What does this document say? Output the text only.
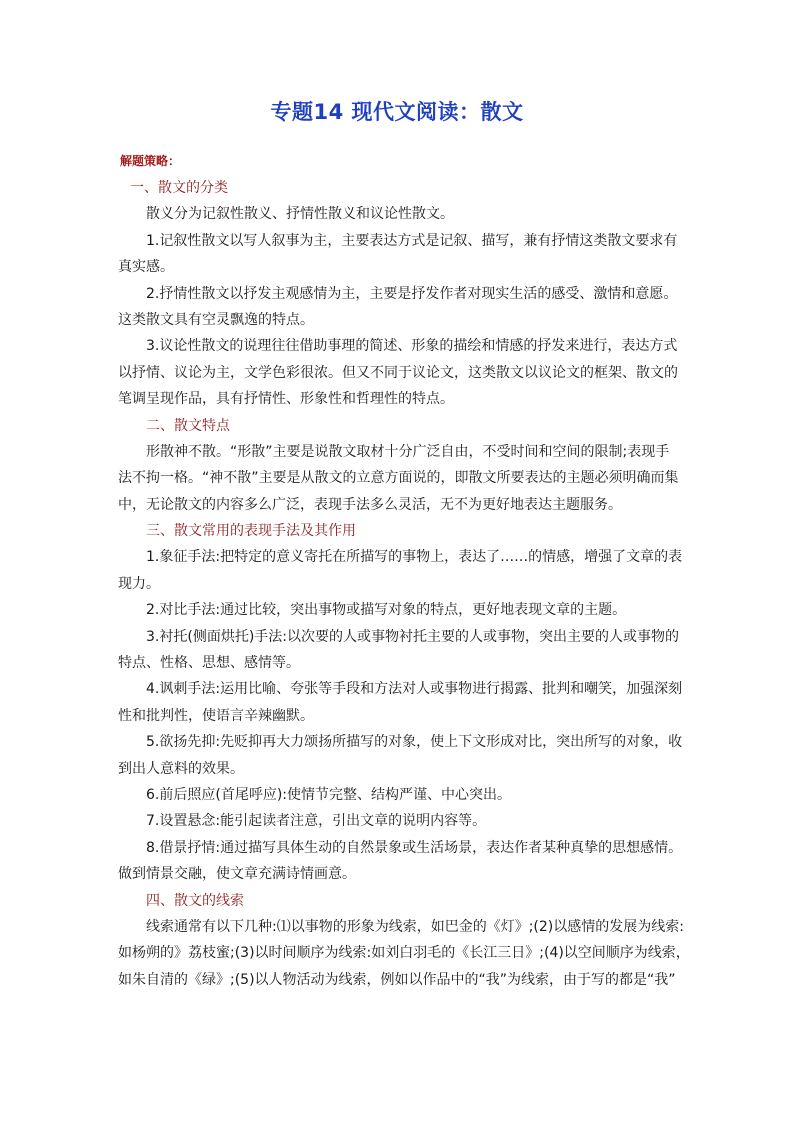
专题14 现代文阅读：散文
解题策略：
一、散文的分类
散义分为记叙性散义、抒情性散义和议论性散文。
1.记叙性散文以写人叙事为主，主要表达方式是记叙、描写，兼有抒情这类散文要求有
真实感。
2.抒情性散文以抒发主观感情为主，主要是抒发作者对现实生活的感受、激情和意愿。
这类散文具有空灵飘逸的特点。
3.议论性散文的说理往往借助事理的简述、形象的描绘和情感的抒发来进行，表达方式
以抒情、议论为主，文学色彩很浓。但又不同于议论文，这类散文以议论文的框架、散文的
笔调呈现作品，具有抒情性、形象性和哲理性的特点。
二、散文特点
形散神不散。“形散”主要是说散文取材十分广泛自由，不受时间和空间的限制;表现手
法不拘一格。“神不散”主要是从散文的立意方面说的，即散文所要表达的主题必须明确而集
中，无论散文的内容多么广泛，表现手法多么灵活，无不为更好地表达主题服务。
三、散文常用的表现手法及其作用
1.象征手法:把特定的意义寄托在所描写的事物上，表达了……的情感，增强了文章的表
现力。
2.对比手法:通过比较，突出事物或描写对象的特点，更好地表现文章的主题。
3.衬托(侧面烘托)手法:以次要的人或事物衬托主要的人或事物，突出主要的人或事物的
特点、性格、思想、感情等。
4.讽刺手法:运用比喻、夸张等手段和方法对人或事物进行揭露、批判和嘲笑，加强深刻
性和批判性，使语言辛辣幽默。
5.欲扬先抑:先贬抑再大力颂扬所描写的对象，使上下文形成对比，突出所写的对象，收
到出人意料的效果。
6.前后照应(首尾呼应):使情节完整、结构严谨、中心突出。
7.设置悬念:能引起读者注意，引出文章的说明内容等。
8.借景抒情:通过描写具体生动的自然景象或生活场景，表达作者某种真挚的思想感情。
做到情景交融，使文章充满诗情画意。
四、散文的线索
线索通常有以下几种:⑴以事物的形象为线索，如巴金的《灯》;(2)以感情的发展为线索:
如杨朔的》荔枝蜜;(3)以时间顺序为线索:如刘白羽毛的《长江三日》;(4)以空间顺序为线索，
如朱自清的《绿》;(5)以人物活动为线索，例如以作品中的“我”为线索，由于写的都是“我”
